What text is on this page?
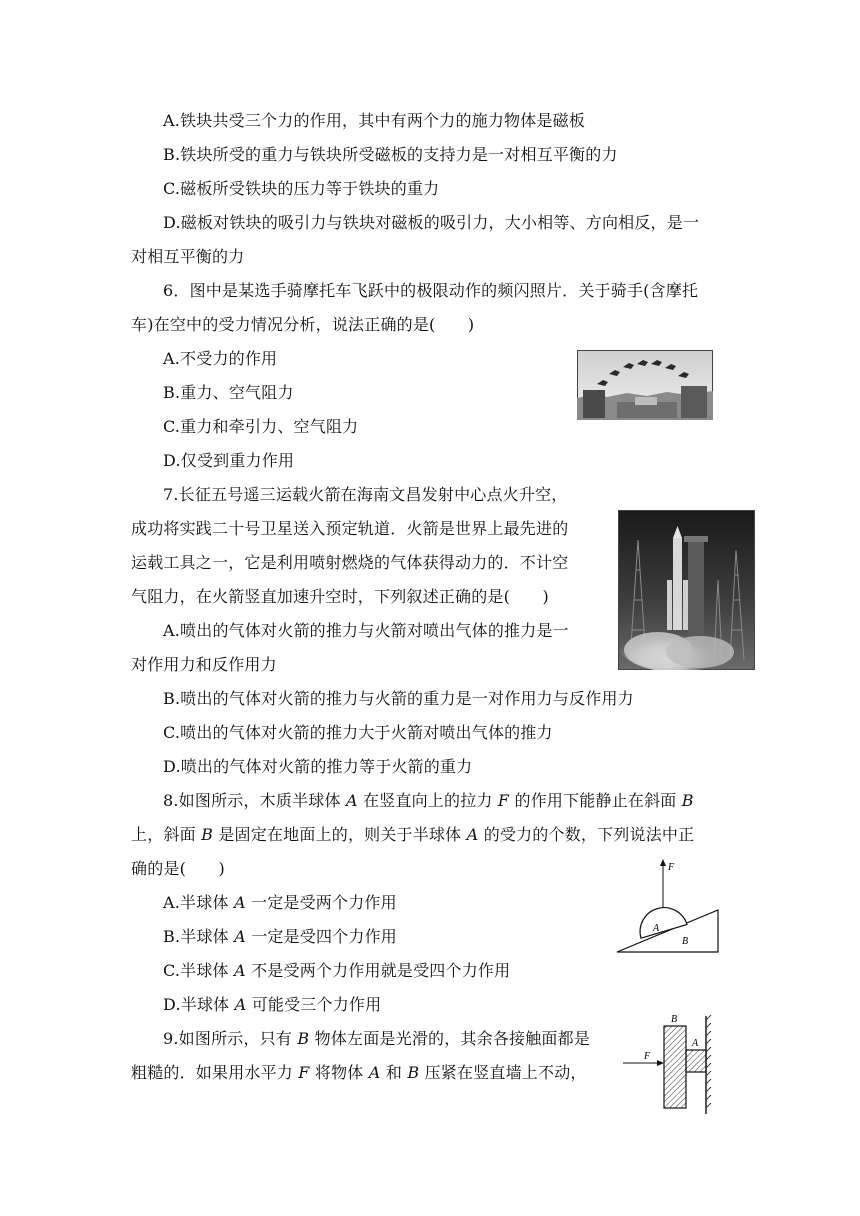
A.铁块共受三个力的作用，其中有两个力的施力物体是磁板
B.铁块所受的重力与铁块所受磁板的支持力是一对相互平衡的力
C.磁板所受铁块的压力等于铁块的重力
D.磁板对铁块的吸引力与铁块对磁板的吸引力，大小相等、方向相反，是一
对相互平衡的力
6．图中是某选手骑摩托车飞跃中的极限动作的频闪照片．关于骑手(含摩托
车)在空中的受力情况分析，说法正确的是(　　)
A.不受力的作用
B.重力、空气阻力
C.重力和牵引力、空气阻力
D.仅受到重力作用
7.长征五号遥三运载火箭在海南文昌发射中心点火升空，
成功将实践二十号卫星送入预定轨道．火箭是世界上最先进的
运载工具之一，它是利用喷射燃烧的气体获得动力的．不计空
气阻力，在火箭竖直加速升空时，下列叙述正确的是(　　)
A.喷出的气体对火箭的推力与火箭对喷出气体的推力是一
对作用力和反作用力
B.喷出的气体对火箭的推力与火箭的重力是一对作用力与反作用力
C.喷出的气体对火箭的推力大于火箭对喷出气体的推力
D.喷出的气体对火箭的推力等于火箭的重力
8.如图所示，木质半球体 A 在竖直向上的拉力 F 的作用下能静止在斜面 B
上，斜面 B 是固定在地面上的，则关于半球体 A 的受力的个数，下列说法中正
确的是(　　)
A.半球体 A 一定是受两个力作用
B.半球体 A 一定是受四个力作用
C.半球体 A 不是受两个力作用就是受四个力作用
D.半球体 A 可能受三个力作用
F
A
B
9.如图所示，只有 B 物体左面是光滑的，其余各接触面都是
粗糙的．如果用水平力 F 将物体 A 和 B 压紧在竖直墙上不动，
F
B
A
